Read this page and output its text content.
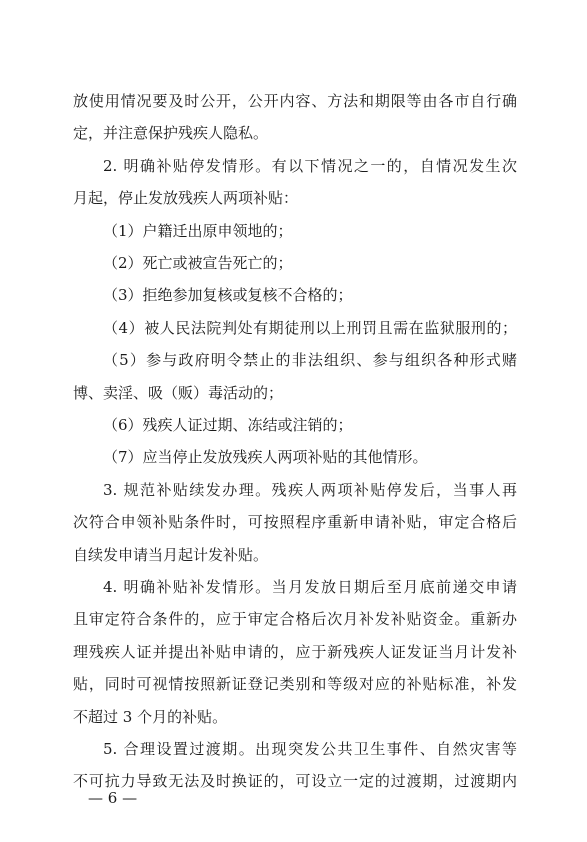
放使用情况要及时公开，公开内容、方法和期限等由各市自行确
定，并注意保护残疾人隐私。
2. 明确补贴停发情形。有以下情况之一的，自情况发生次
月起，停止发放残疾人两项补贴：
（1）户籍迁出原申领地的；
（2）死亡或被宣告死亡的；
（3）拒绝参加复核或复核不合格的；
（4）被人民法院判处有期徒刑以上刑罚且需在监狱服刑的；
（5）参与政府明令禁止的非法组织、参与组织各种形式赌
博、卖淫、吸（贩）毒活动的；
（6）残疾人证过期、冻结或注销的；
（7）应当停止发放残疾人两项补贴的其他情形。
3. 规范补贴续发办理。残疾人两项补贴停发后，当事人再
次符合申领补贴条件时，可按照程序重新申请补贴，审定合格后
自续发申请当月起计发补贴。
4. 明确补贴补发情形。当月发放日期后至月底前递交申请
且审定符合条件的，应于审定合格后次月补发补贴资金。重新办
理残疾人证并提出补贴申请的，应于新残疾人证发证当月计发补
贴，同时可视情按照新证登记类别和等级对应的补贴标准，补发
不超过 3 个月的补贴。
5. 合理设置过渡期。出现突发公共卫生事件、自然灾害等
不可抗力导致无法及时换证的，可设立一定的过渡期，过渡期内
— 6 —
